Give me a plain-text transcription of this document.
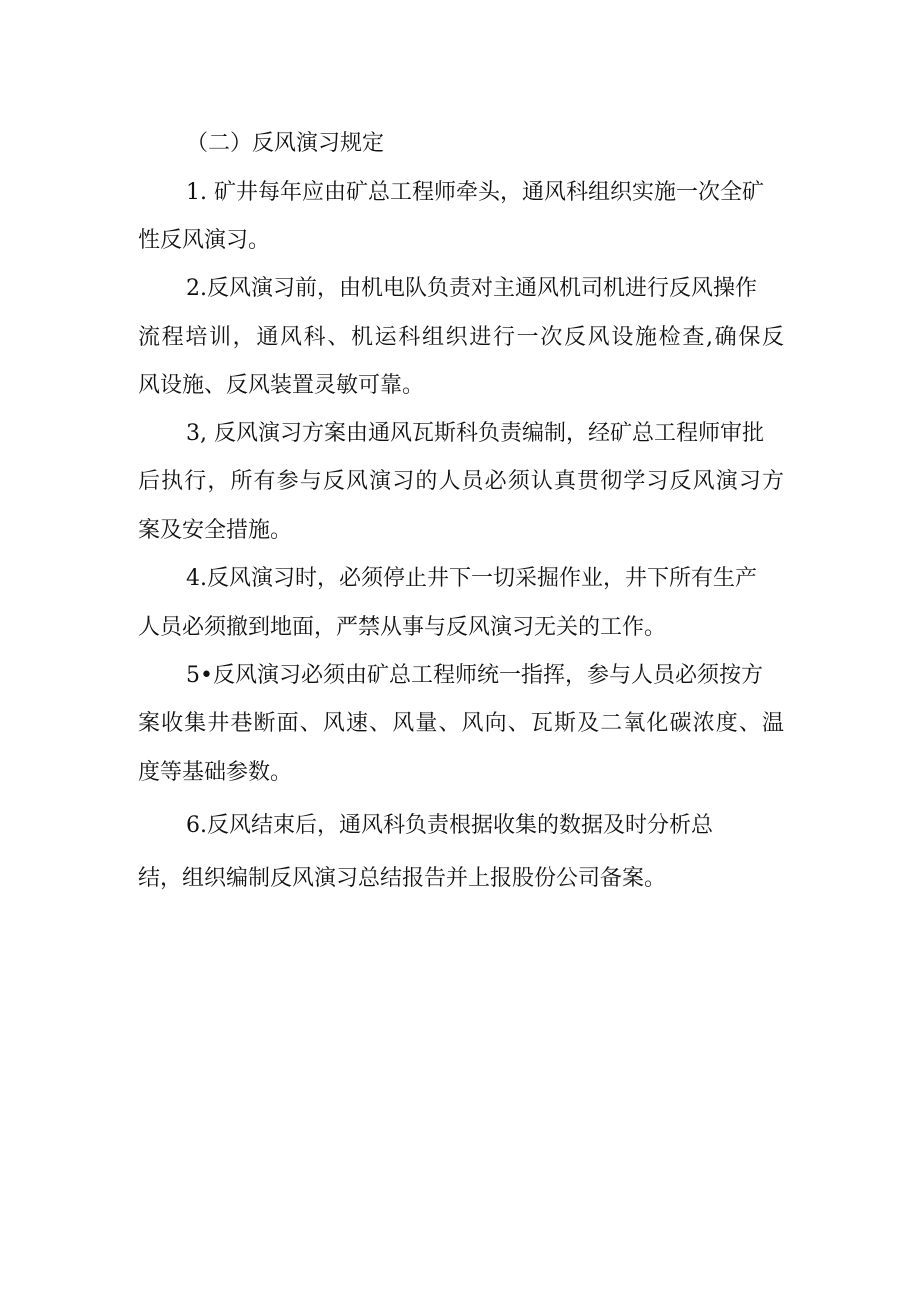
（二）反风演习规定
1. 矿井每年应由矿总工程师牵头，通风科组织实施一次全矿
性反风演习。
2.反风演习前，由机电队负责对主通风机司机进行反风操作
流程培训，通风科、机运科组织进行一次反风设施检查,确保反
风设施、反风装置灵敏可靠。
3, 反风演习方案由通风瓦斯科负责编制，经矿总工程师审批
后执行，所有参与反风演习的人员必须认真贯彻学习反风演习方
案及安全措施。
4.反风演习时，必须停止井下一切采掘作业，井下所有生产
人员必须撤到地面，严禁从事与反风演习无关的工作。
5•反风演习必须由矿总工程师统一指挥，参与人员必须按方
案收集井巷断面、风速、风量、风向、瓦斯及二氧化碳浓度、温
度等基础参数。
6.反风结束后，通风科负责根据收集的数据及时分析总
结，组织编制反风演习总结报告并上报股份公司备案。
